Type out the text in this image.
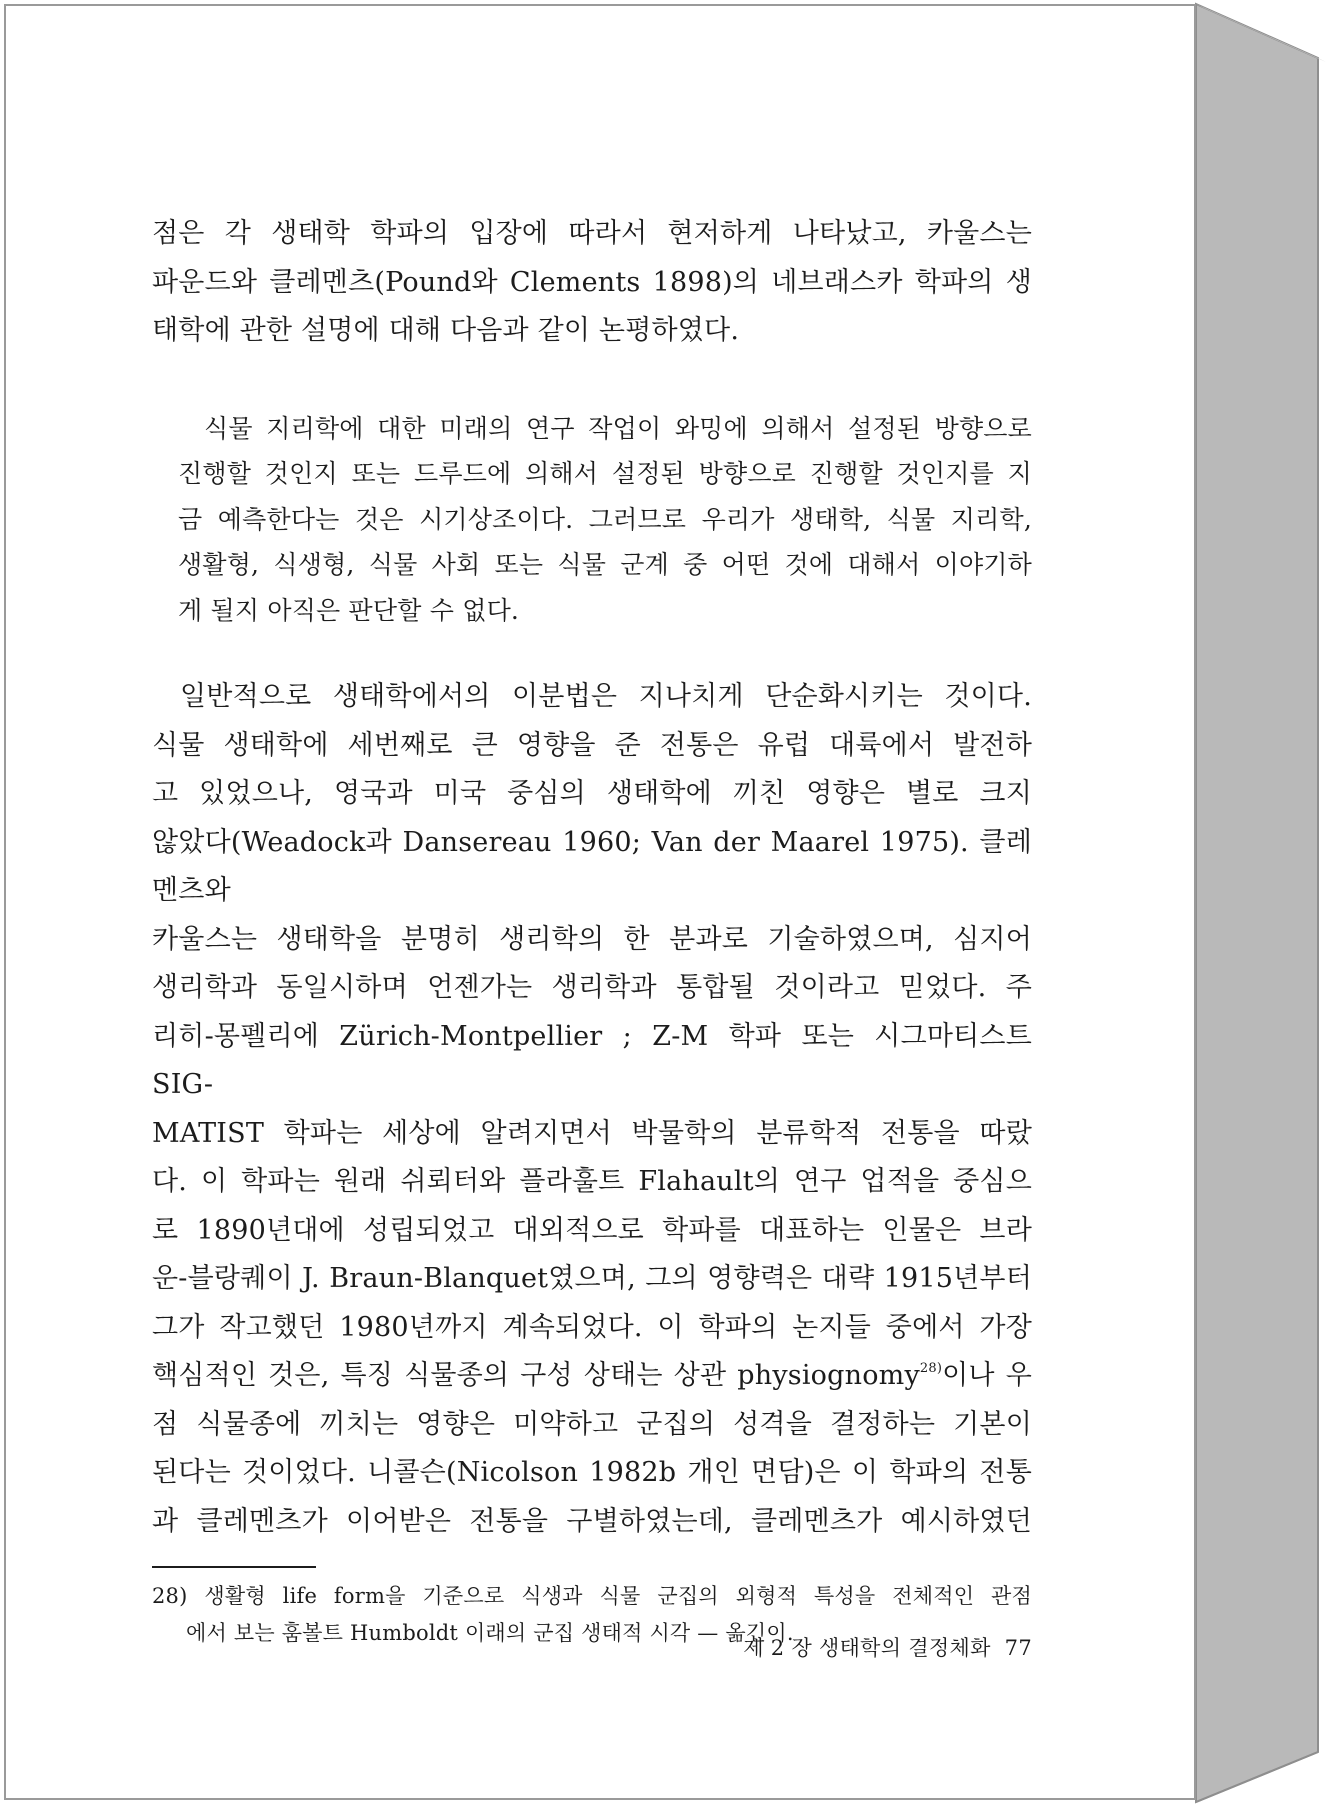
점은 각 생태학 학파의 입장에 따라서 현저하게 나타났고, 카울스는
파운드와 클레멘츠(Pound와 Clements 1898)의 네브래스카 학파의 생
태학에 관한 설명에 대해 다음과 같이 논평하였다.
식물 지리학에 대한 미래의 연구 작업이 와밍에 의해서 설정된 방향으로
진행할 것인지 또는 드루드에 의해서 설정된 방향으로 진행할 것인지를 지
금 예측한다는 것은 시기상조이다. 그러므로 우리가 생태학, 식물 지리학,
생활형, 식생형, 식물 사회 또는 식물 군계 중 어떤 것에 대해서 이야기하
게 될지 아직은 판단할 수 없다.
일반적으로 생태학에서의 이분법은 지나치게 단순화시키는 것이다.
식물 생태학에 세번째로 큰 영향을 준 전통은 유럽 대륙에서 발전하
고 있었으나, 영국과 미국 중심의 생태학에 끼친 영향은 별로 크지
않았다(Weadock과 Dansereau 1960; Van der Maarel 1975). 클레멘츠와
카울스는 생태학을 분명히 생리학의 한 분과로 기술하였으며, 심지어
생리학과 동일시하며 언젠가는 생리학과 통합될 것이라고 믿었다. 주
리히-몽펠리에 Zürich-Montpellier ; Z-M 학파 또는 시그마티스트 SIG-
MATIST 학파는 세상에 알려지면서 박물학의 분류학적 전통을 따랐
다. 이 학파는 원래 쉬뢰터와 플라훌트 Flahault의 연구 업적을 중심으
로 1890년대에 성립되었고 대외적으로 학파를 대표하는 인물은 브라
운-블랑퀘이 J. Braun-Blanquet였으며, 그의 영향력은 대략 1915년부터
그가 작고했던 1980년까지 계속되었다. 이 학파의 논지들 중에서 가장
핵심적인 것은, 특징 식물종의 구성 상태는 상관 physiognomy$^{28)}$이나 우
점 식물종에 끼치는 영향은 미약하고 군집의 성격을 결정하는 기본이
된다는 것이었다. 니콜슨(Nicolson 1982b 개인 면담)은 이 학파의 전통
과 클레멘츠가 이어받은 전통을 구별하였는데, 클레멘츠가 예시하였던
28) 생활형 life form을 기준으로 식생과 식물 군집의 외형적 특성을 전체적인 관점
에서 보는 훔볼트 Humboldt 이래의 군집 생태적 시각 — 옮긴이.
제 2 장 생태학의 결정체화 77
